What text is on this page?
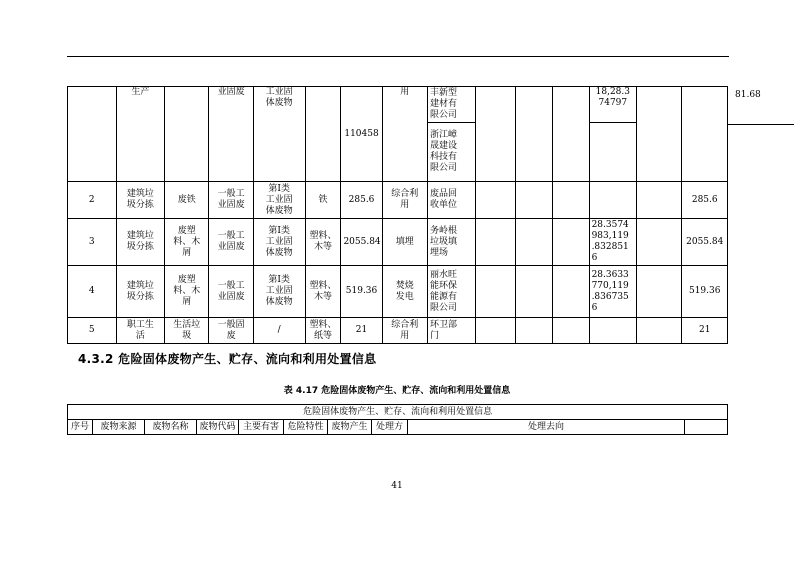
	生产		业固废	工业固
体废物		110458	用	丰新型
建材有
限公司				18,28.3
74797		
								浙江嶂
晟建设
科技有
限公司						
2	建筑垃
圾分拣	废铁	一般工
业固废	第Ⅰ类
工业固
体废物	铁	285.6	综合利
用	废品回
收单位						285.6
3	建筑垃
圾分拣	废塑
料、木
屑	一般工
业固废	第Ⅰ类
工业固
体废物	塑料、
木等	2055.84	填埋	务岭根
垃圾填
埋场				28.3574
983,119
.832851
6		2055.84
4	建筑垃
圾分拣	废塑
料、木
屑	一般工
业固废	第Ⅰ类
工业固
体废物	塑料、
木等	519.36	焚烧
发电	丽水旺
能环保
能源有
限公司				28.3633
770,119
.836735
6		519.36
5	职工生
活	生活垃
圾	一般固
废	/	塑料、
纸等	21	综合利
用	环卫部
门						21
81.68
4.3.2 危险固体废物产生、贮存、流向和利用处置信息
表 4.17 危险固体废物产生、贮存、流向和利用处置信息
危险固体废物产生、贮存、流向和利用处置信息
序号	废物来源	废物名称	废物代码	主要有害	危险特性	废物产生	处理方	处理去向	
41
